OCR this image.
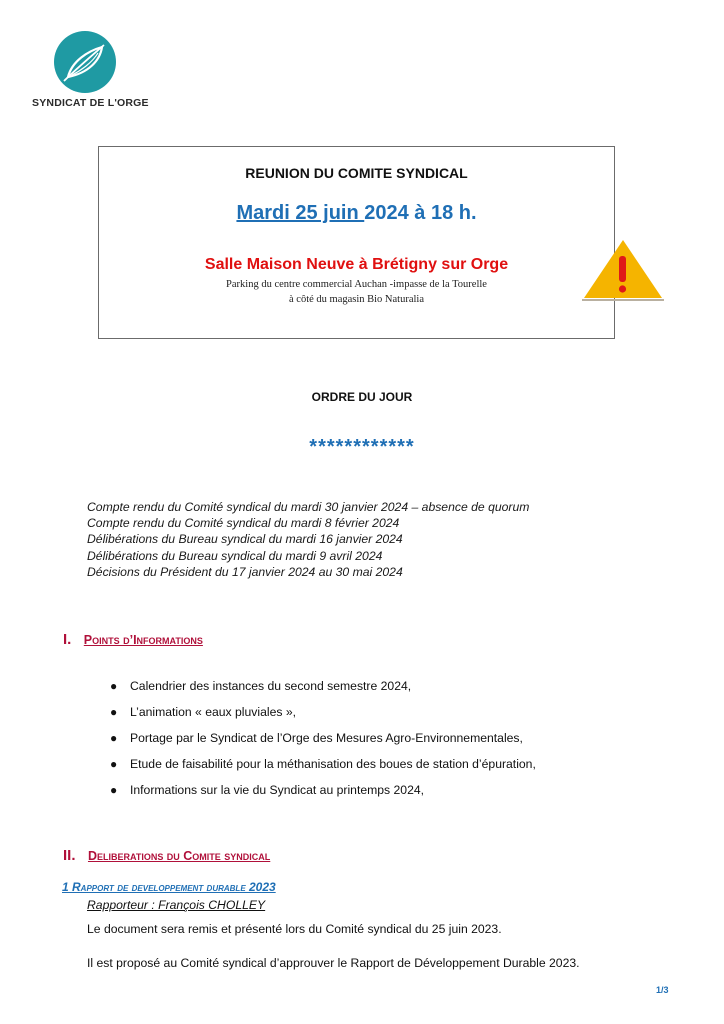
SYNDICAT DE L'ORGE
REUNION DU COMITE SYNDICAL
Mardi 25 juin 2024 à 18 h.
Salle Maison Neuve à Brétigny sur Orge
Parking du centre commercial Auchan -impasse de la Tourelle
à côté du magasin Bio Naturalia
ORDRE DU JOUR
************
Compte rendu du Comité syndical du mardi 30 janvier 2024 – absence de quorum
Compte rendu du Comité syndical du mardi 8 février 2024
Délibérations du Bureau syndical du mardi 16 janvier 2024
Délibérations du Bureau syndical du mardi 9 avril 2024
Décisions du Président du 17 janvier 2024 au 30 mai 2024
I. Points d’Informations
●	Calendrier des instances du second semestre 2024,
●	L’animation « eaux pluviales »,
●	Portage par le Syndicat de l’Orge des Mesures Agro-Environnementales,
●	Etude de faisabilité pour la méthanisation des boues de station d’épuration,
●	Informations sur la vie du Syndicat au printemps 2024,
II. Deliberations du Comite syndical
1 Rapport de developpement durable 2023
Rapporteur : François CHOLLEY
Le document sera remis et présenté lors du Comité syndical du 25 juin 2023.
Il est proposé au Comité syndical d’approuver le Rapport de Développement Durable 2023.
1/3
